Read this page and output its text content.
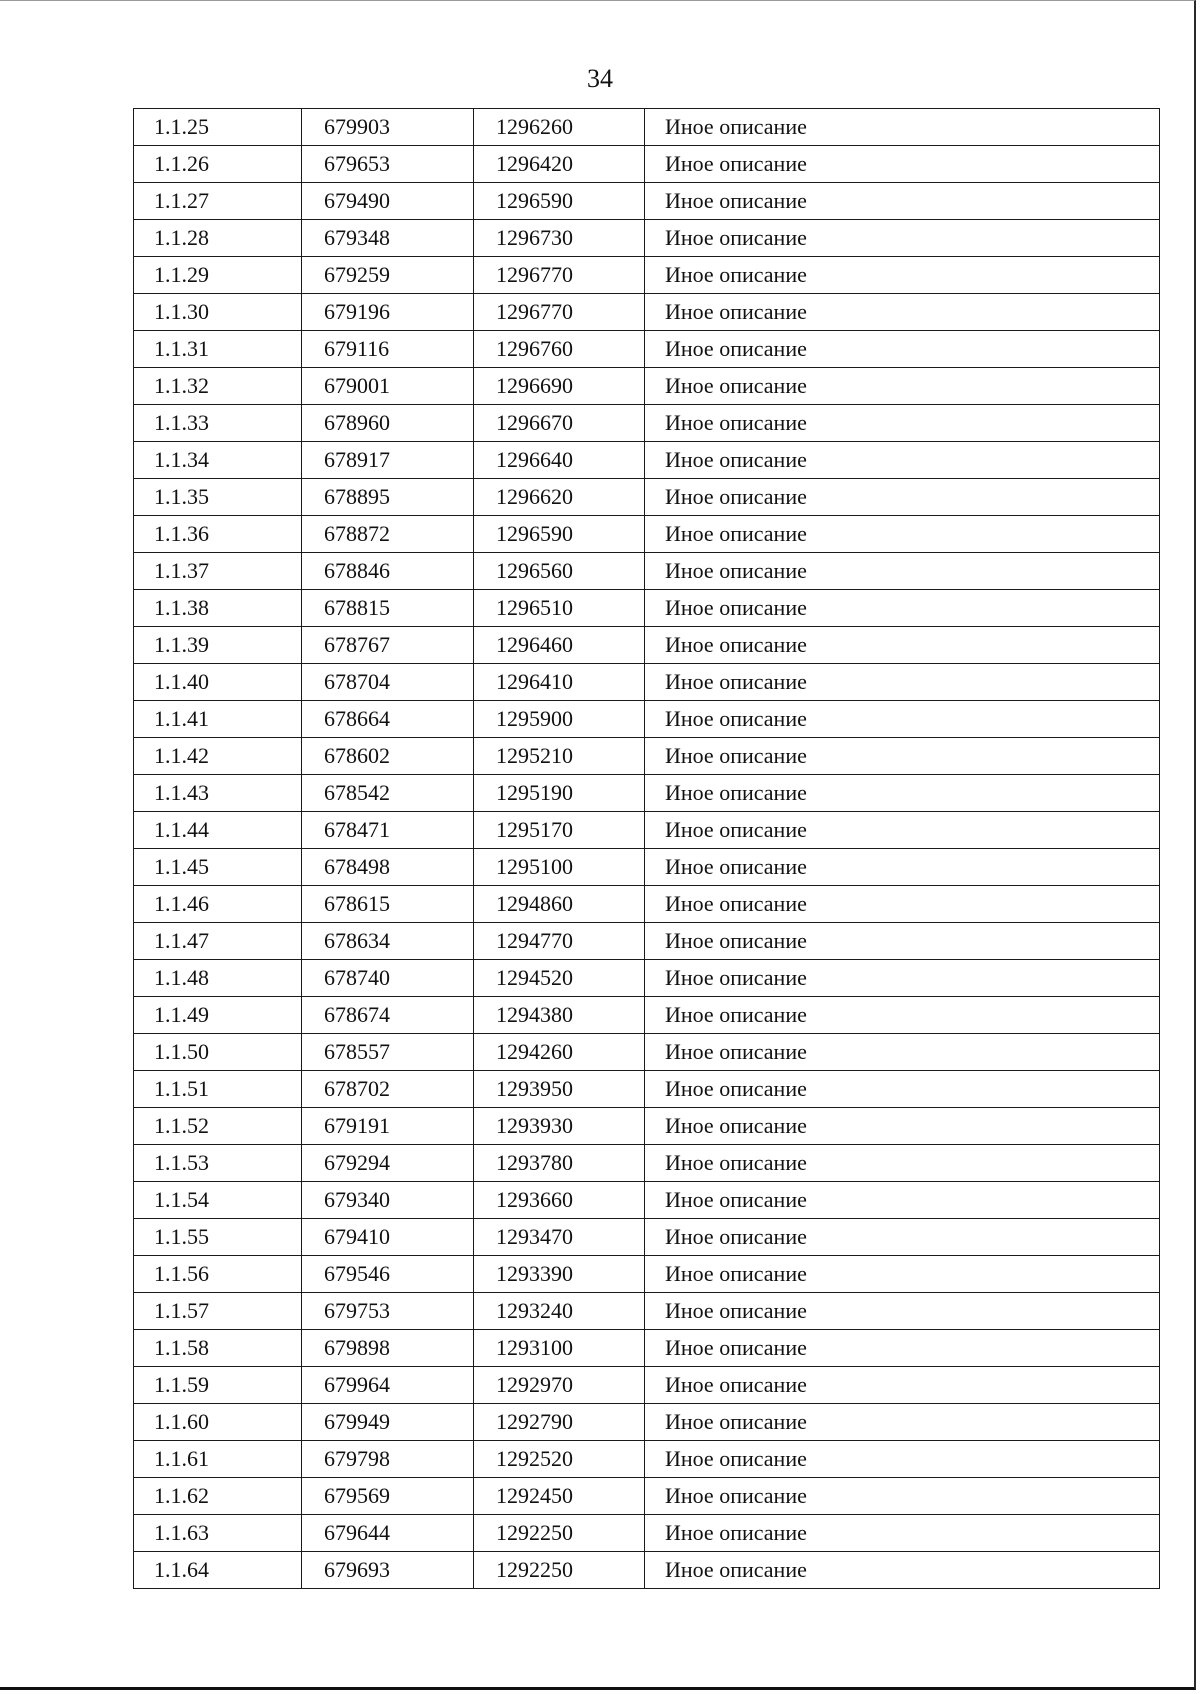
34
1.1.25	679903	1296260	Иное описание
1.1.26	679653	1296420	Иное описание
1.1.27	679490	1296590	Иное описание
1.1.28	679348	1296730	Иное описание
1.1.29	679259	1296770	Иное описание
1.1.30	679196	1296770	Иное описание
1.1.31	679116	1296760	Иное описание
1.1.32	679001	1296690	Иное описание
1.1.33	678960	1296670	Иное описание
1.1.34	678917	1296640	Иное описание
1.1.35	678895	1296620	Иное описание
1.1.36	678872	1296590	Иное описание
1.1.37	678846	1296560	Иное описание
1.1.38	678815	1296510	Иное описание
1.1.39	678767	1296460	Иное описание
1.1.40	678704	1296410	Иное описание
1.1.41	678664	1295900	Иное описание
1.1.42	678602	1295210	Иное описание
1.1.43	678542	1295190	Иное описание
1.1.44	678471	1295170	Иное описание
1.1.45	678498	1295100	Иное описание
1.1.46	678615	1294860	Иное описание
1.1.47	678634	1294770	Иное описание
1.1.48	678740	1294520	Иное описание
1.1.49	678674	1294380	Иное описание
1.1.50	678557	1294260	Иное описание
1.1.51	678702	1293950	Иное описание
1.1.52	679191	1293930	Иное описание
1.1.53	679294	1293780	Иное описание
1.1.54	679340	1293660	Иное описание
1.1.55	679410	1293470	Иное описание
1.1.56	679546	1293390	Иное описание
1.1.57	679753	1293240	Иное описание
1.1.58	679898	1293100	Иное описание
1.1.59	679964	1292970	Иное описание
1.1.60	679949	1292790	Иное описание
1.1.61	679798	1292520	Иное описание
1.1.62	679569	1292450	Иное описание
1.1.63	679644	1292250	Иное описание
1.1.64	679693	1292250	Иное описание
